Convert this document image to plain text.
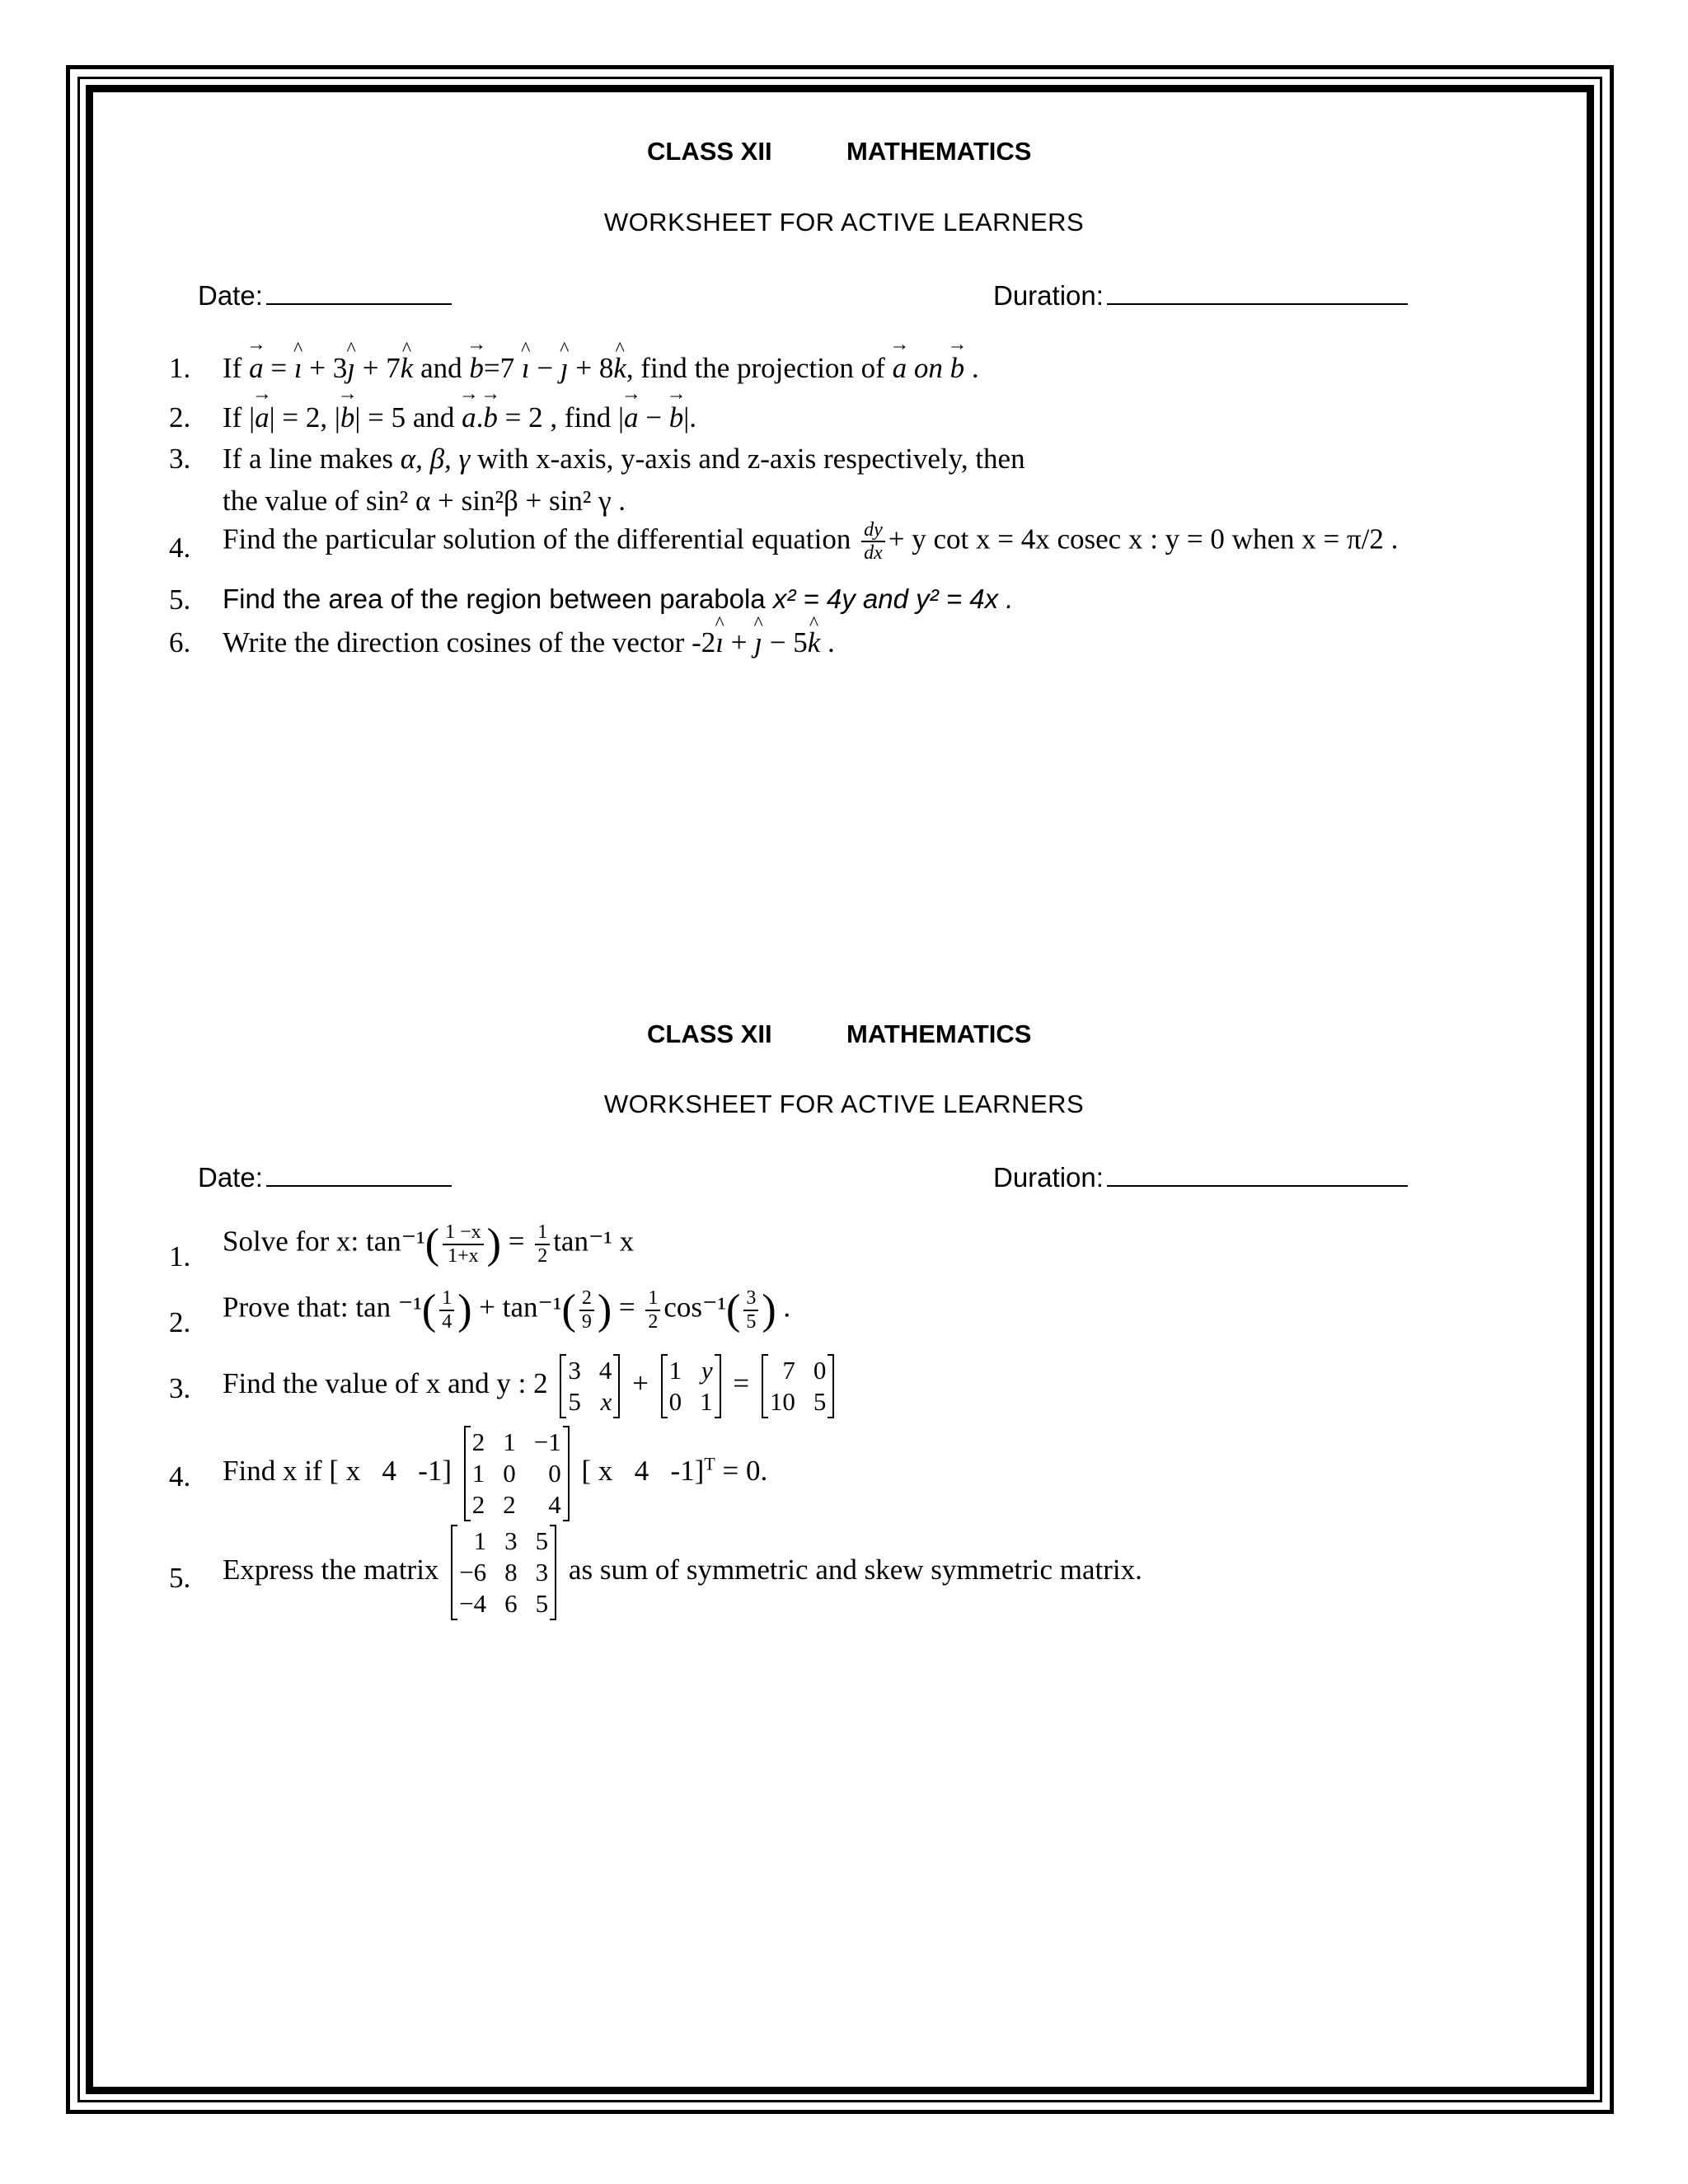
CLASS XII	MATHEMATICS
WORKSHEET FOR ACTIVE LEARNERS
Date:	Duration:
1.	If a → = ı ^ + 3ȷ ^ + 7k ^ and b →=7 ı ^ − ȷ ^ + 8k ^, find the projection of a → on b → .
2.	If |a →| = 2, |b →| = 5 and a →.b → = 2 , find |a → − b →|.
3.	If a line makes α, β, γ with x-axis, y-axis and z-axis respectively, then
the value of sin² α + sin²β + sin² γ .
4.	Find the particular solution of the differential equation $\frac{dy}{dx} + y$ cot x = 4x cosec x : y = 0 when x = π/2 .
5.	Find the area of the region between parabola x² = 4y and y² = 4x .
6.	Write the direction cosines of the vector -2ı ^ + ȷ ^ − 5k ^ .
CLASS XII	MATHEMATICS
WORKSHEET FOR ACTIVE LEARNERS
Date:	Duration:
1.	Solve for x: $\tan^{-1}( \frac{1 -x}{1+x}$ ) = $\frac{1}{2} \tan^{-1}$ x
2.	Prove that: $\tan ^{-1}( \frac{1}{4}$ ) + $\tan^{-1}( \frac{2}{9}$ ) = $\frac{1}{2} \cos^{-1}( \frac{3}{5}$ ) .
3.	Find the value of x and y : 2 3 4
5 x
+ 1 y
0 1
=	7 0
10 5
4.	Find x if [ x 4 -1]
2 1 −1
1 0	0
2 2	4
[ x 4 -1]$^T$ = 0.
5.	Express the matrix
1 3 5
−6 8 3
−4 6 5
as sum of symmetric and skew symmetric matrix.
